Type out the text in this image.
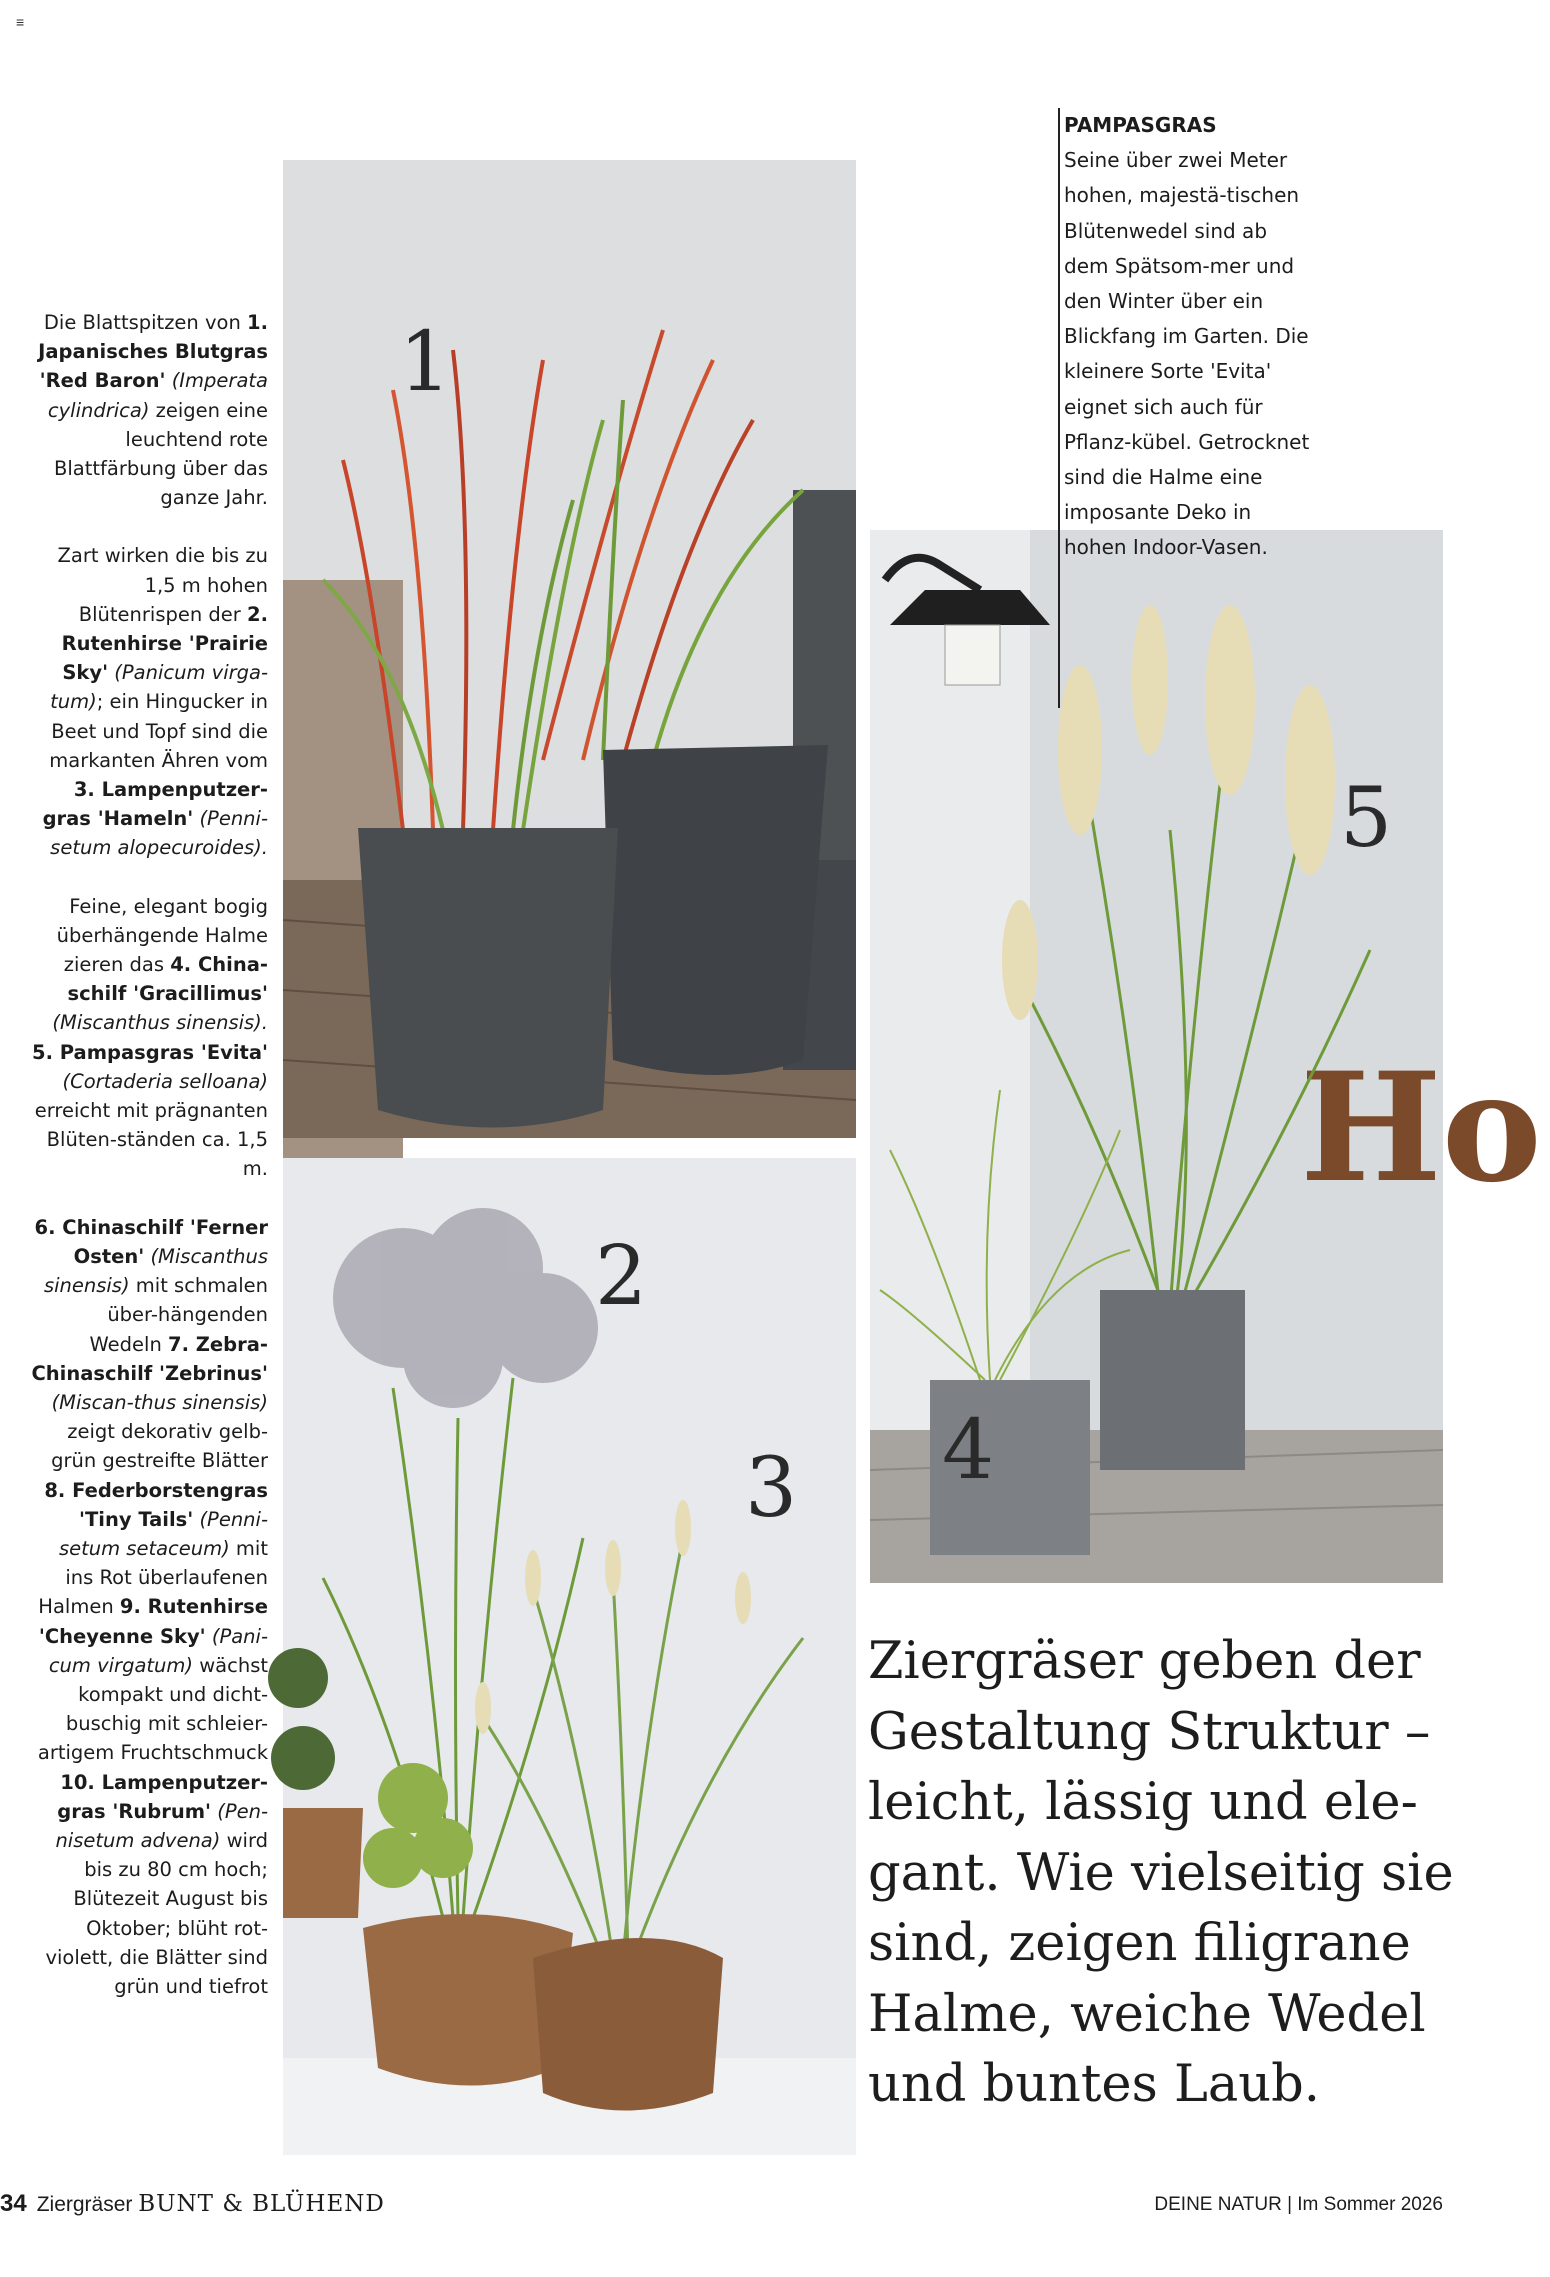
≡

Die Blattspitzen von 1. Japanisches Blutgras 'Red Baron' (Imperata cylindrica) zeigen eine leuchtend rote Blattfärbung über das ganze Jahr.

Zart wirken die bis zu 1,5 m hohen Blütenrispen der 2. Rutenhirse 'Prairie Sky' (Panicum virga-tum); ein Hingucker in Beet und Topf sind die markanten Ähren vom 3. Lampenputzer-gras 'Hameln' (Penni-setum alopecuroides).

Feine, elegant bogig überhängende Halme zieren das 4. China-schilf 'Gracillimus' (Miscanthus sinensis). 5. Pampasgras 'Evita' (Cortaderia selloana) erreicht mit prägnanten Blüten-ständen ca. 1,5 m.

6. Chinaschilf 'Ferner Osten' (Miscanthus sinensis) mit schmalen über-hängenden Wedeln 7. Zebra-Chinaschilf 'Zebrinus' (Miscan-thus sinensis) zeigt dekorativ gelb-grün gestreifte Blätter 8. Federborstengras 'Tiny Tails' (Penni-setum setaceum) mit ins Rot überlaufenen Halmen 9. Rutenhirse 'Cheyenne Sky' (Pani-cum virgatum) wächst kompakt und dicht-buschig mit schleier-artigem Fruchtschmuck 10. Lampenputzer-gras 'Rubrum' (Pen-nisetum advena) wird bis zu 80 cm hoch; Blütezeit August bis Oktober; blüht rot-violett, die Blätter sind grün und tiefrot

1
2
3
Ho
4
5
PAMPASGRAS
Seine über zwei Meter hohen, majestä-tischen Blütenwedel sind ab dem Spätsom-mer und den Winter über ein Blickfang im Garten. Die kleinere Sorte 'Evita' eignet sich auch für Pflanz-kübel. Getrocknet sind die Halme eine imposante Deko in hohen Indoor-Vasen.
Ziergräser geben der Gestaltung Struktur – leicht, lässig und ele-gant. Wie vielseitig sie sind, zeigen filigrane Halme, weiche Wedel und buntes Laub.
34 Ziergräser BUNT & BLÜHEND	DEINE NATUR | Im Sommer 2026
